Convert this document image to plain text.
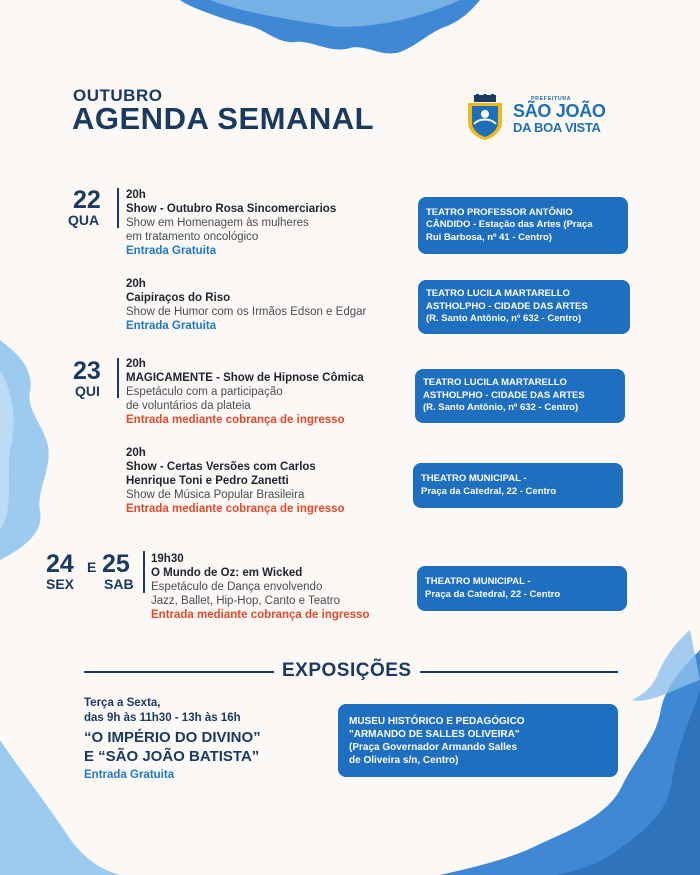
OUTUBRO
AGENDA SEMANAL
PREFEITURA
SÃO JOÃO
DA BOA VISTA
22
QUA
20h
Show - Outubro Rosa Sincomerciarios
Show em Homenagem às mulheres
em tratamento oncológico
Entrada Gratuita
TEATRO PROFESSOR ANTÔNIO
CÂNDIDO - Estação das Artes (Praça
Rui Barbosa, nº 41 - Centro)
20h
Caipiraços do Riso
Show de Humor com os Irmãos Edson e Edgar
Entrada Gratuita
TEATRO LUCILA MARTARELLO
ASTHOLPHO - CIDADE DAS ARTES
(R. Santo Antônio, nº 632 - Centro)
23
QUI
20h
MAGICAMENTE - Show de Hipnose Cômica
Espetáculo com a participação
de voluntários da plateia
Entrada mediante cobrança de ingresso
TEATRO LUCILA MARTARELLO
ASTHOLPHO - CIDADE DAS ARTES
(R. Santo Antônio, nº 632 - Centro)
20h
Show - Certas Versões com Carlos
Henrique Toni e Pedro Zanetti
Show de Música Popular Brasileira
Entrada mediante cobrança de ingresso
THEATRO MUNICIPAL -
Praça da Catedral, 22 - Centro
24
SEX
E 25
SAB
19h30
O Mundo de Oz: em Wicked
Espetáculo de Dança envolvendo
Jazz, Ballet, Hip-Hop, Canto e Teatro
Entrada mediante cobrança de ingresso
THEATRO MUNICIPAL -
Praça da Catedral, 22 - Centro
EXPOSIÇÕES
Terça a Sexta,
das 9h às 11h30 - 13h às 16h
“O IMPÉRIO DO DIVINO”
E “SÃO JOÃO BATISTA”
Entrada Gratuita
MUSEU HISTÓRICO E PEDAGÓGICO
"ARMANDO DE SALLES OLIVEIRA"
(Praça Governador Armando Salles
de Oliveira s/n, Centro)
